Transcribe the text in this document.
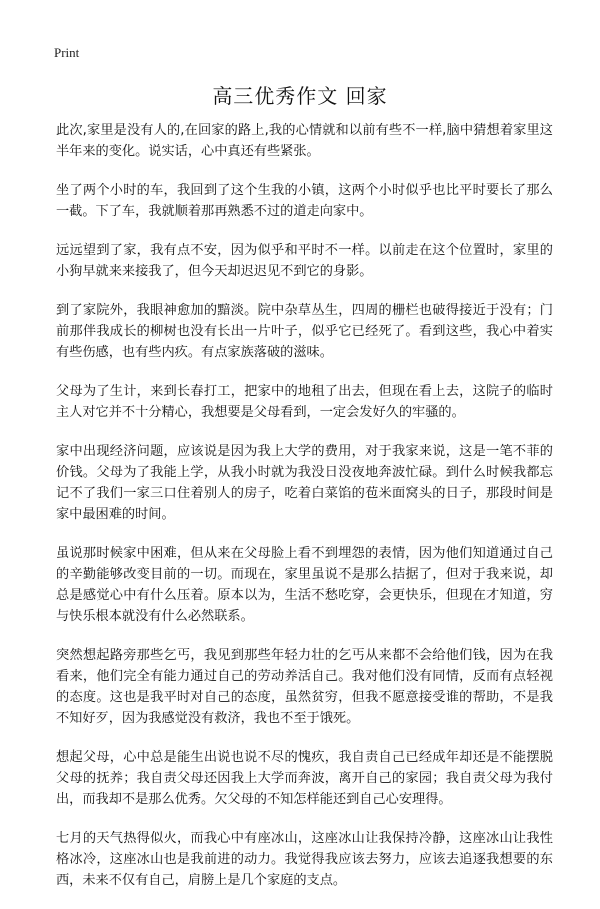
Print
高三优秀作文 回家

此次,家里是没有人的,在回家的路上,我的心情就和以前有些不一样,脑中猜想着家里这半年来的变化。说实话，心中真还有些紧张。

坐了两个小时的车，我回到了这个生我的小镇，这两个小时似乎也比平时要长了那么一截。下了车，我就顺着那再熟悉不过的道走向家中。

远远望到了家，我有点不安，因为似乎和平时不一样。以前走在这个位置时，家里的小狗早就来来接我了，但今天却迟迟见不到它的身影。

到了家院外，我眼神愈加的黯淡。院中杂草丛生，四周的栅栏也破得接近于没有；门前那伴我成长的柳树也没有长出一片叶子，似乎它已经死了。看到这些，我心中着实有些伤感，也有些内疚。有点家族落破的滋味。

父母为了生计，来到长春打工，把家中的地租了出去，但现在看上去，这院子的临时主人对它并不十分精心，我想要是父母看到，一定会发好久的牢骚的。

家中出现经济问题，应该说是因为我上大学的费用，对于我家来说，这是一笔不菲的价钱。父母为了我能上学，从我小时就为我没日没夜地奔波忙碌。到什么时候我都忘记不了我们一家三口住着别人的房子，吃着白菜馅的苞米面窝头的日子，那段时间是家中最困难的时间。

虽说那时候家中困难，但从来在父母脸上看不到埋怨的表情，因为他们知道通过自己的辛勤能够改变目前的一切。而现在，家里虽说不是那么拮据了，但对于我来说，却总是感觉心中有什么压着。原本以为，生活不愁吃穿，会更快乐，但现在才知道，穷与快乐根本就没有什么必然联系。

突然想起路旁那些乞丐，我见到那些年轻力壮的乞丐从来都不会给他们钱，因为在我看来，他们完全有能力通过自己的劳动养活自己。我对他们没有同情，反而有点轻视的态度。这也是我平时对自己的态度，虽然贫穷，但我不愿意接受谁的帮助，不是我不知好歹，因为我感觉没有救济，我也不至于饿死。

想起父母，心中总是能生出说也说不尽的愧疚，我自责自己已经成年却还是不能摆脱父母的抚养；我自责父母还因我上大学而奔波，离开自己的家园；我自责父母为我付出，而我却不是那么优秀。欠父母的不知怎样能还到自己心安理得。

七月的天气热得似火，而我心中有座冰山，这座冰山让我保持冷静，这座冰山让我性格冰冷，这座冰山也是我前进的动力。我觉得我应该去努力，应该去追逐我想要的东西，未来不仅有自己，肩膀上是几个家庭的支点。
